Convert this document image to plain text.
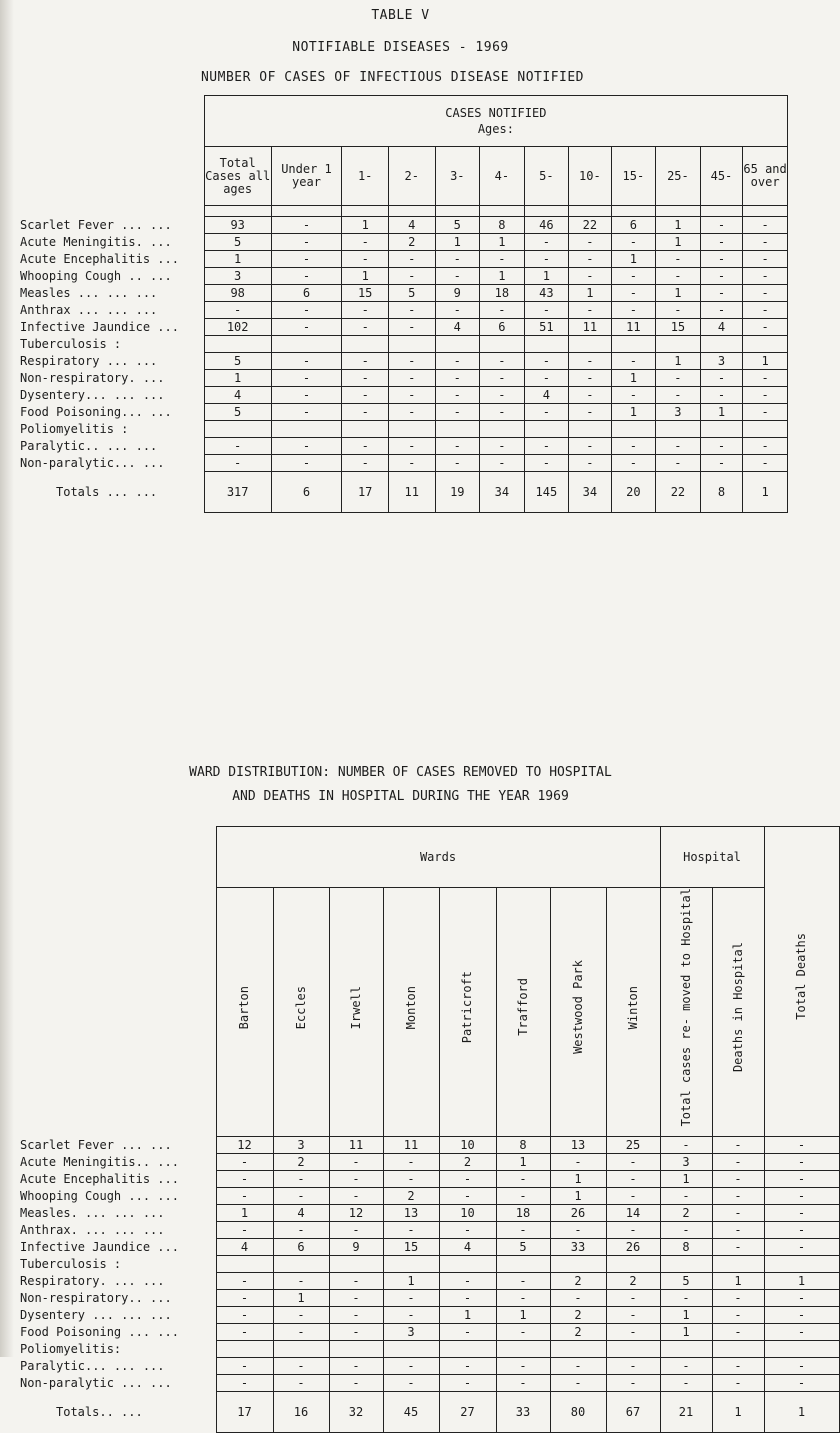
TABLE V
NOTIFIABLE DISEASES - 1969
NUMBER OF CASES OF INFECTIOUS DISEASE NOTIFIED

	CASES NOTIFIED
Ages:											

	Total Cases all ages	Under 1 year	1-	2-	3-	4-	5-	10-	15-	25-	45-	65 and over

Scarlet Fever ... ...	93	-	1	4	5	8	46	22	6	1	-	-
Acute Meningitis. ...	5	-	-	2	1	1	-	-	-	1	-	-
Acute Encephalitis ...	1	-	-	-	-	-	-	-	1	-	-	-
Whooping Cough .. ...	3	-	1	-	-	1	1	-	-	-	-	-
Measles ... ... ...	98	6	15	5	9	18	43	1	-	1	-	-
Anthrax ... ... ...	-	-	-	-	-	-	-	-	-	-	-	-
Infective Jaundice ...	102	-	-	-	4	6	51	11	11	15	4	-
Tuberculosis :												
Respiratory ... ...	5	-	-	-	-	-	-	-	-	1	3	1
Non-respiratory. ...	1	-	-	-	-	-	-	-	1	-	-	-
Dysentery... ... ...	4	-	-	-	-	-	4	-	-	-	-	-
Food Poisoning... ...	5	-	-	-	-	-	-	-	1	3	1	-
Poliomyelitis :												
Paralytic.. ... ...	-	-	-	-	-	-	-	-	-	-	-	-
Non-paralytic... ...	-	-	-	-	-	-	-	-	-	-	-	-
Totals ... ...	317	6	17	11	19	34	145	34	20	22	8	1
WARD DISTRIBUTION: NUMBER OF CASES REMOVED TO HOSPITAL
AND DEATHS IN HOSPITAL DURING THE YEAR 1969
	Wards								Hospital		Total Deaths
	Barton	Eccles	Irwell	Monton	Patricroft	Trafford	Westwood Park	Winton	Total cases re- moved to Hospital	Deaths in Hospital	
Scarlet Fever ... ...	12	3	11	11	10	8	13	25	-	-	-
Acute Meningitis.. ...	-	2	-	-	2	1	-	-	3	-	-
Acute Encephalitis ...	-	-	-	-	-	-	1	-	1	-	-
Whooping Cough ... ...	-	-	-	2	-	-	1	-	-	-	-
Measles. ... ... ...	1	4	12	13	10	18	26	14	2	-	-
Anthrax. ... ... ...	-	-	-	-	-	-	-	-	-	-	-
Infective Jaundice ...	4	6	9	15	4	5	33	26	8	-	-
Tuberculosis :											
Respiratory. ... ...	-	-	-	1	-	-	2	2	5	1	1
Non-respiratory.. ...	-	1	-	-	-	-	-	-	-	-	-
Dysentery ... ... ...	-	-	-	-	1	1	2	-	1	-	-
Food Poisoning ... ...	-	-	-	3	-	-	2	-	1	-	-
Poliomyelitis:											
Paralytic... ... ...	-	-	-	-	-	-	-	-	-	-	-
Non-paralytic ... ...	-	-	-	-	-	-	-	-	-	-	-
Totals.. ...	17	16	32	45	27	33	80	67	21	1	1
